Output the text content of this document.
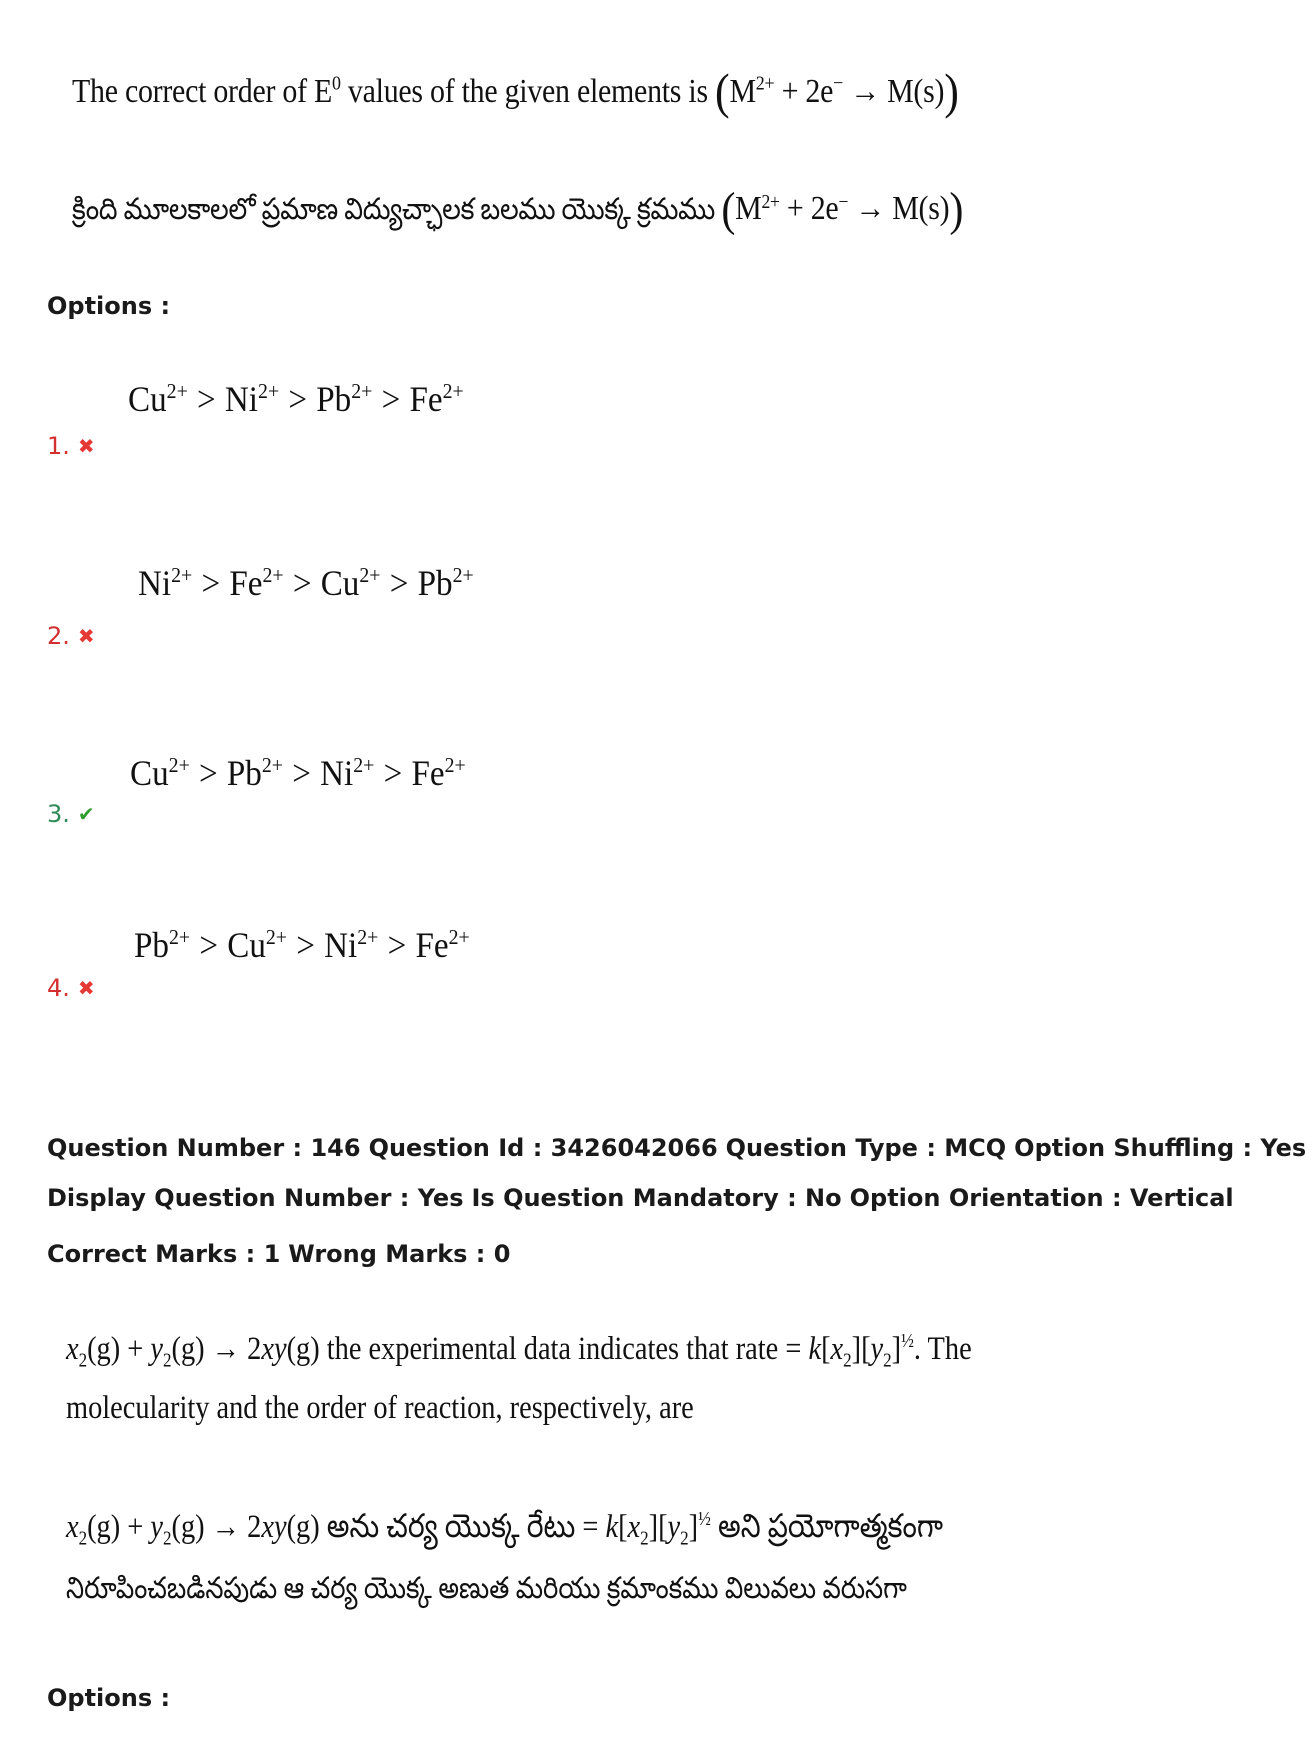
The correct order of $E^0$ values of the given elements is $(M^{2+} + 2e^- \to M(s))$
క్రింది మూలకాలలో ప్రమాణ విద్యుచ్ఛాలక బలము యొక్క క్రమము $(M^{2+} + 2e^- \to M(s))$
Options :
$Cu^{2+} > Ni^{2+} > Pb^{2+} > Fe^{2+}$
1. ✖
$Ni^{2+} > Fe^{2+} > Cu^{2+} > Pb^{2+}$
2. ✖
$Cu^{2+} > Pb^{2+} > Ni^{2+} > Fe^{2+}$
3. ✔
$Pb^{2+} > Cu^{2+} > Ni^{2+} > Fe^{2+}$
4. ✖
Question Number : 146 Question Id : 3426042066 Question Type : MCQ Option Shuffling : Yes
Display Question Number : Yes Is Question Mandatory : No Option Orientation : Vertical
Correct Marks : 1 Wrong Marks : 0
$x_2(g) + y_2(g) \to 2xy(g)$ the experimental data indicates that rate = $k[x_2][y_2]^{\frac{1}{2}}$. The
molecularity and the order of reaction, respectively, are
$x_2(g) + y_2(g) \to 2xy(g)$ అను చర్య యొక్క రేటు = $k[x_2][y_2]^{\frac{1}{2}}$ అని ప్రయోగాత్మకంగా
నిరూపించబడినపుడు ఆ చర్య యొక్క అణుత మరియు క్రమాంకము విలువలు వరుసగా
Options :
